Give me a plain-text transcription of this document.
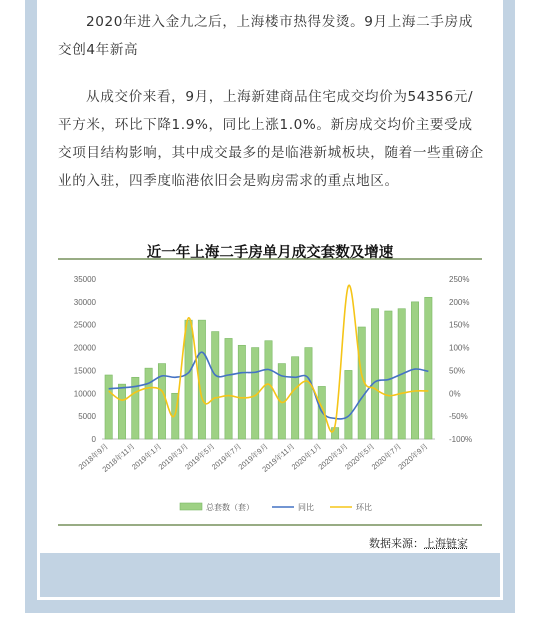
2020年进入金九之后，上海楼市热得发烫。9月上海二手房成交创4年新高

从成交价来看，9月，上海新建商品住宅成交均价为54356元/平方米，环比下降1.9%，同比上涨1.0%。新房成交均价主要受成交项目结构影响，其中成交最多的是临港新城板块，随着一些重磅企业的入驻，四季度临港依旧会是购房需求的重点地区。

近一年上海二手房单月成交套数及增速
0
5000
10000
15000
20000
25000
30000
35000
-100%
-50%
0%
50%
100%
150%
200%
250%
2018年9月
2018年11月
2019年1月
2019年3月
2019年5月
2019年7月
2019年9月
2019年11月
2020年1月
2020年3月
2020年5月
2020年7月
2020年9月
总套数（套）	同比	环比
数据来源：上海链家
